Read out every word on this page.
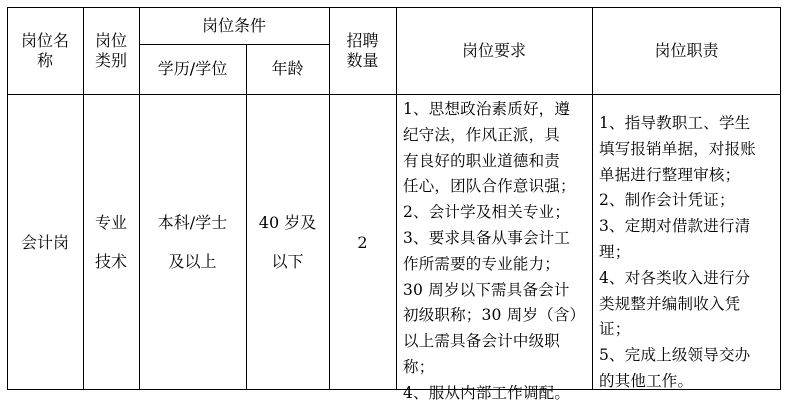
岗位名
称
岗位
类别
岗位条件
学历/学位	年龄
招聘
数量
岗位要求	岗位职责
会计岗
专业
技术
本科/学士
及以上
40 岁及
以下
2
1、思想政治素质好，遵
纪守法，作风正派，具
有良好的职业道德和责
任心，团队合作意识强；
2、会计学及相关专业；
3、要求具备从事会计工
作所需要的专业能力；
30 周岁以下需具备会计
初级职称；30 周岁（含）
以上需具备会计中级职
称；
4、服从内部工作调配。
1、指导教职工、学生
填写报销单据，对报账
单据进行整理审核；
2、制作会计凭证；
3、定期对借款进行清
理；
4、对各类收入进行分
类规整并编制收入凭
证；
5、完成上级领导交办
的其他工作。
